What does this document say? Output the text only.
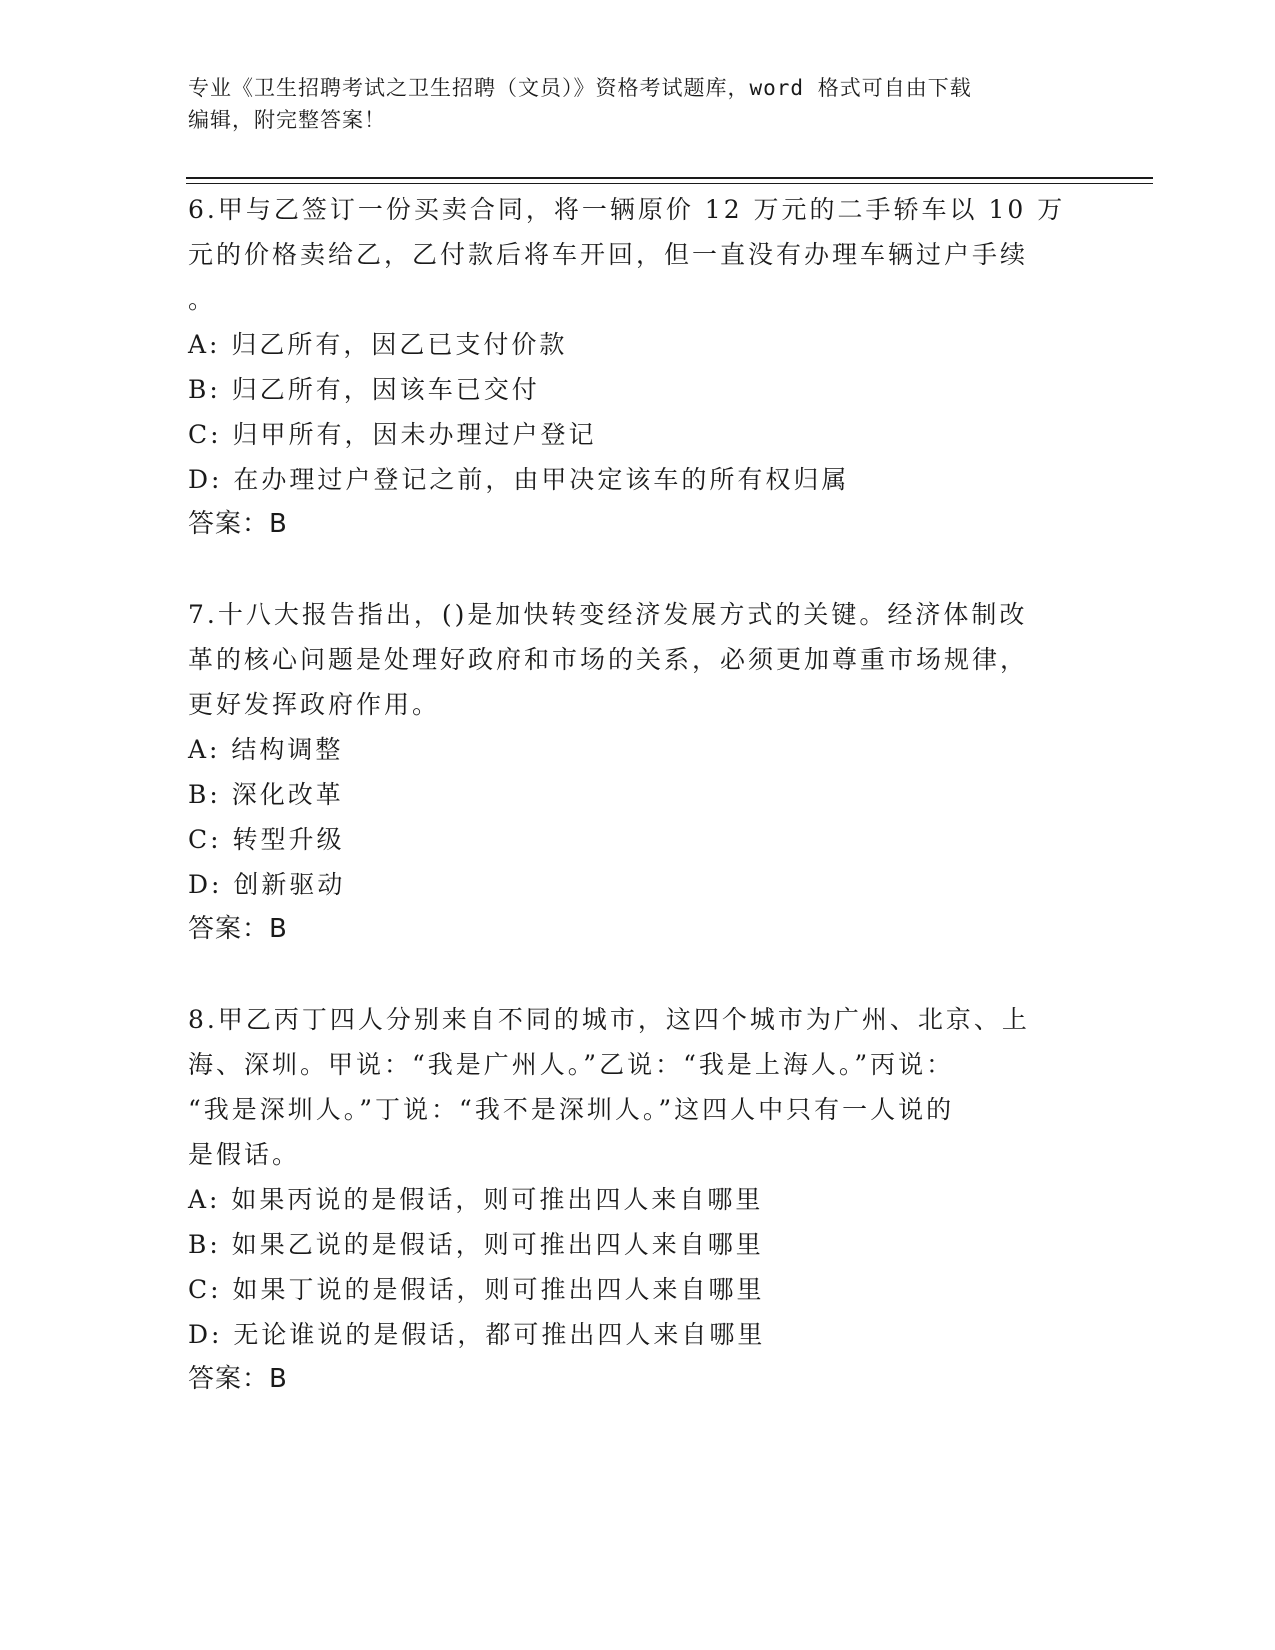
专业《卫生招聘考试之卫生招聘（文员）》资格考试题库，word 格式可自由下载
编辑，附完整答案！

6.甲与乙签订一份买卖合同，将一辆原价 12 万元的二手轿车以 10 万

元的价格卖给乙，乙付款后将车开回，但一直没有办理车辆过户手续

。

A: 归乙所有，因乙已支付价款

B: 归乙所有，因该车已交付

C: 归甲所有，因未办理过户登记

D: 在办理过户登记之前，由甲决定该车的所有权归属

答案：B

7.十八大报告指出，()是加快转变经济发展方式的关键。经济体制改

革的核心问题是处理好政府和市场的关系，必须更加尊重市场规律，

更好发挥政府作用。

A: 结构调整

B: 深化改革

C: 转型升级

D: 创新驱动

答案：B

8.甲乙丙丁四人分别来自不同的城市，这四个城市为广州、北京、上

海、深圳。甲说：“我是广州人。”乙说：“我是上海人。”丙说：

“我是深圳人。”丁说：“我不是深圳人。”这四人中只有一人说的

是假话。

A: 如果丙说的是假话，则可推出四人来自哪里

B: 如果乙说的是假话，则可推出四人来自哪里

C: 如果丁说的是假话，则可推出四人来自哪里

D: 无论谁说的是假话，都可推出四人来自哪里

答案：B
